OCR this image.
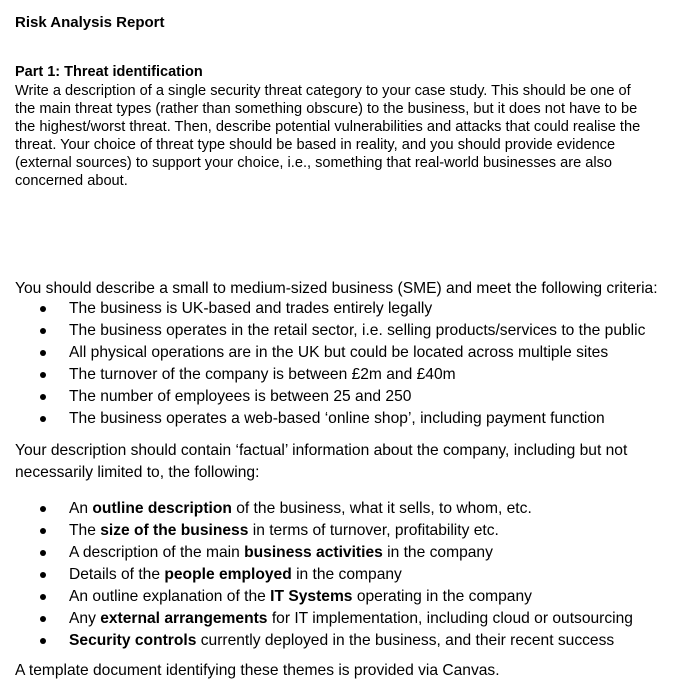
Risk Analysis Report
Part 1: Threat identification
Write a description of a single security threat category to your case study. This should be one of
the main threat types (rather than something obscure) to the business, but it does not have to be
the highest/worst threat. Then, describe potential vulnerabilities and attacks that could realise the
threat. Your choice of threat type should be based in reality, and you should provide evidence
(external sources) to support your choice, i.e., something that real-world businesses are also
concerned about.
You should describe a small to medium-sized business (SME) and meet the following criteria:
The business is UK-based and trades entirely legally
The business operates in the retail sector, i.e. selling products/services to the public
All physical operations are in the UK but could be located across multiple sites
The turnover of the company is between £2m and £40m
The number of employees is between 25 and 250
The business operates a web-based ‘online shop’, including payment function
Your description should contain ‘factual’ information about the company, including but not
necessarily limited to, the following:
An outline description of the business, what it sells, to whom, etc.
The size of the business in terms of turnover, profitability etc.
A description of the main business activities in the company
Details of the people employed in the company
An outline explanation of the IT Systems operating in the company
Any external arrangements for IT implementation, including cloud or outsourcing
Security controls currently deployed in the business, and their recent success
A template document identifying these themes is provided via Canvas.
